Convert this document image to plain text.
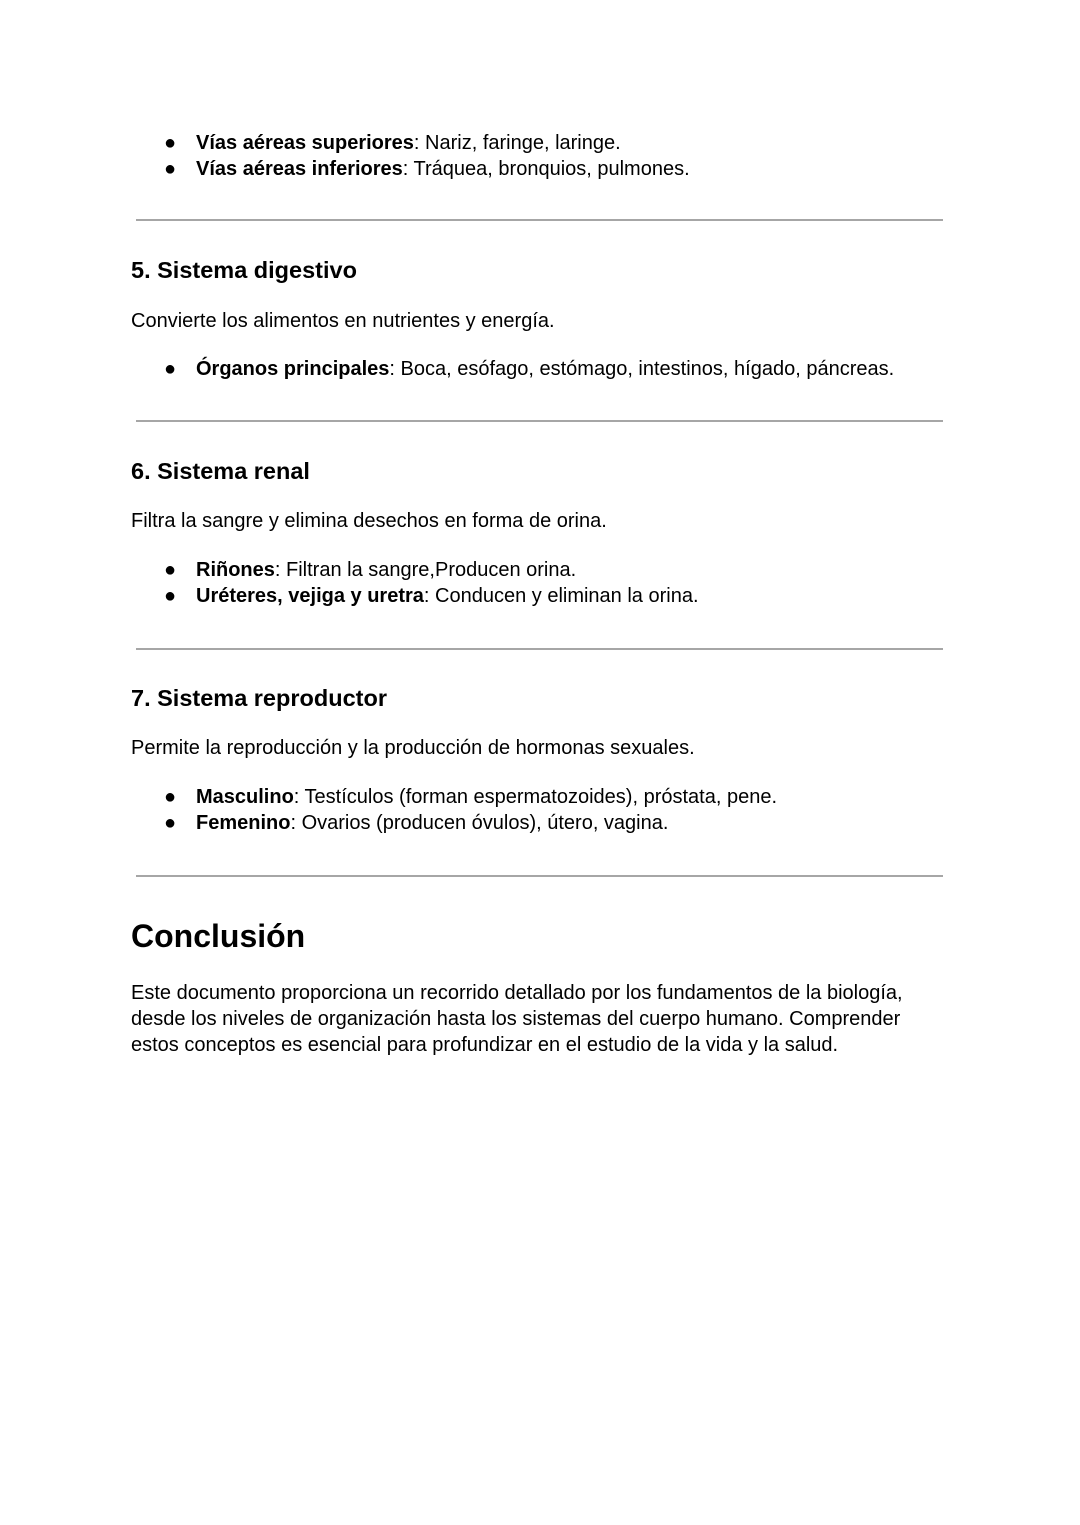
● Vías aéreas superiores: Nariz, faringe, laringe.
● Vías aéreas inferiores: Tráquea, bronquios, pulmones.
5. Sistema digestivo

Convierte los alimentos en nutrientes y energía.

● Órganos principales: Boca, esófago, estómago, intestinos, hígado, páncreas.
6. Sistema renal

Filtra la sangre y elimina desechos en forma de orina.

● Riñones: Filtran la sangre,Producen orina.
● Uréteres, vejiga y uretra: Conducen y eliminan la orina.
7. Sistema reproductor

Permite la reproducción y la producción de hormonas sexuales.

● Masculino: Testículos (forman espermatozoides), próstata, pene.
● Femenino: Ovarios (producen óvulos), útero, vagina.
Conclusión
Este documento proporciona un recorrido detallado por los fundamentos de la biología,
desde los niveles de organización hasta los sistemas del cuerpo humano. Comprender
estos conceptos es esencial para profundizar en el estudio de la vida y la salud.
